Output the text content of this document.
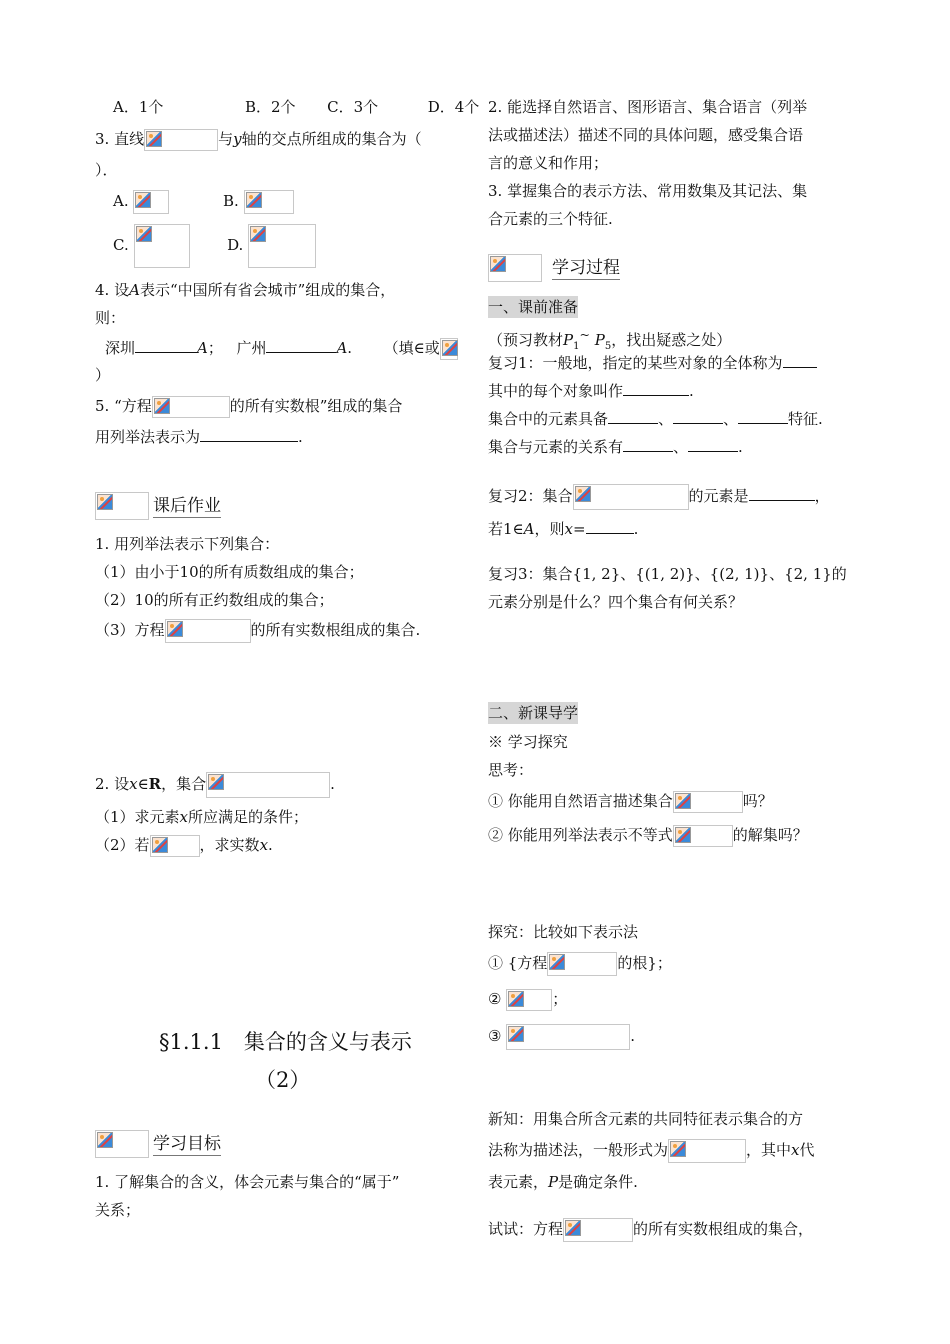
A．1个	B．2个 C．3个	D．4个
3. 直线	与y轴的交点所组成的集合为（
）．
A.	B.
C.	D.
4. 设A表示“中国所有省会城市”组成的集合，
则：
深圳	A； 广州	A. （填∈或
）
5. “方程	的所有实数根”组成的集合
用列举法表示为	.
课后作业
1. 用列举法表示下列集合：
（1）由小于10的所有质数组成的集合；
（2）10的所有正约数组成的集合；
（3）方程	的所有实数根组成的集合.
2. 设x∈R，集合	.
（1）求元素x所应满足的条件；
（2）若	，求实数x.
§1.1.1　集合的含义与表示
（2）
学习目标
1. 了解集合的含义，体会元素与集合的“属于”
关系；
2. 能选择自然语言、图形语言、集合语言（列举
法或描述法）描述不同的具体问题，感受集合语
言的意义和作用；
3. 掌握集合的表示方法、常用数集及其记法、集
合元素的三个特征.
学习过程
一、课前准备
（预习教材$P_1^\sim$ $P_5$，找出疑惑之处）
复习1：一般地，指定的某些对象的全体称为
其中的每个对象叫作	.
集合中的元素具备	、	、	特征.
集合与元素的关系有	、	.
复习2：集合	的元素是	，
若1∈A，则x=	.
复习3：集合{1, 2}、{(1, 2)}、{(2, 1)}、{2, 1}的
元素分别是什么？四个集合有何关系？
二、新课导学
※ 学习探究
思考：
① 你能用自然语言描述集合	吗？
② 你能用列举法表示不等式	的解集吗？
探究：比较如下表示法
① {方程	的根}；
②	；
③	.
新知：用集合所含元素的共同特征表示集合的方
法称为描述法，一般形式为	，其中x代
表元素，P是确定条件.
试试：方程	的所有实数根组成的集合，
